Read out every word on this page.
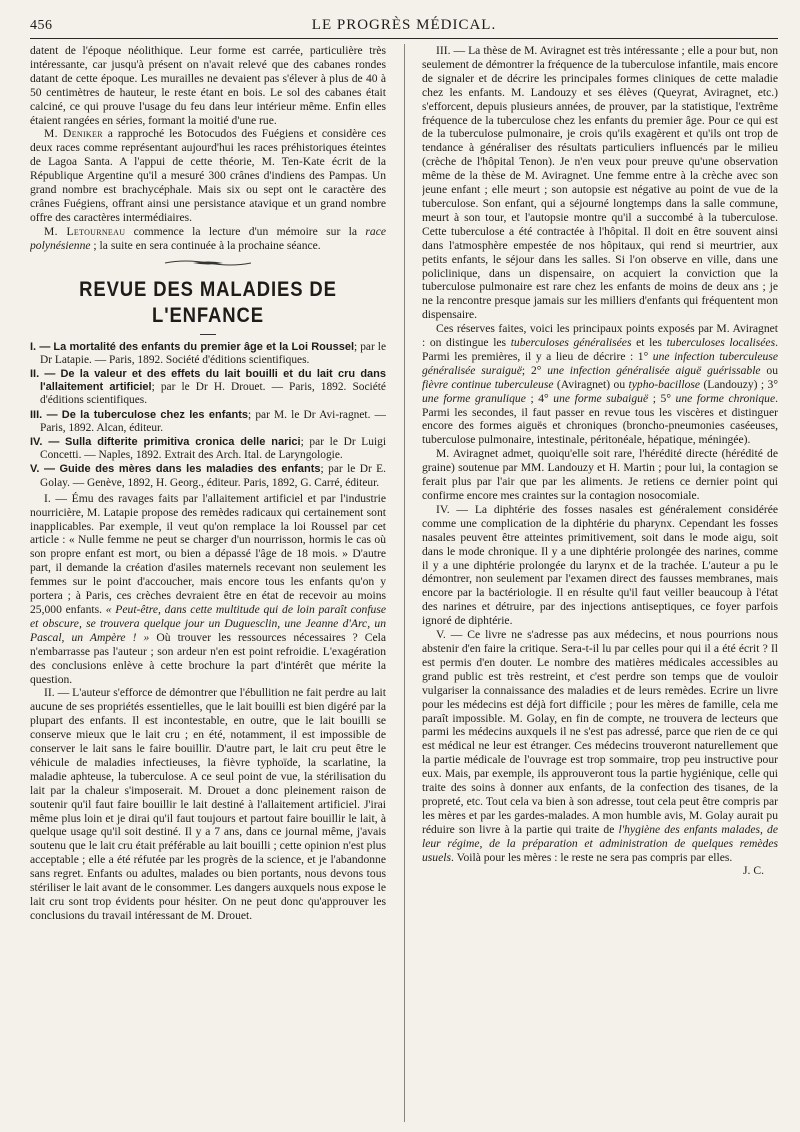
456	LE PROGRÈS MÉDICAL.

datent de l'époque néolithique. Leur forme est carrée, particulière très intéressante, car jusqu'à présent on n'avait relevé que des cabanes rondes datant de cette époque. Les murailles ne devaient pas s'élever à plus de 40 à 50 centimètres de hauteur, le reste étant en bois. Le sol des cabanes était calciné, ce qui prouve l'usage du feu dans leur intérieur même. Enfin elles étaient rangées en séries, formant la moitié d'une rue.

M. Deniker a rapproché les Botocudos des Fuégiens et considère ces deux races comme représentant aujourd'hui les races préhistoriques éteintes de Lagoa Santa. A l'appui de cette théorie, M. Ten-Kate écrit de la République Argentine qu'il a mesuré 300 crânes d'indiens des Pampas. Un grand nombre est brachycéphale. Mais six ou sept ont le caractère des crânes Fuégiens, offrant ainsi une persistance atavique et un grand nombre offre des caractères intermédiaires.

M. Letourneau commence la lecture d'un mémoire sur la race polynésienne ; la suite en sera continuée à la prochaine séance.

REVUE DES MALADIES DE L'ENFANCE

I. — La mortalité des enfants du premier âge et la Loi Roussel; par le Dr Latapie. — Paris, 1892. Société d'éditions scientifiques.

II. — De la valeur et des effets du lait bouilli et du lait cru dans l'allaitement artificiel; par le Dr H. Drouet. — Paris, 1892. Société d'éditions scientifiques.

III. — De la tuberculose chez les enfants; par M. le Dr Avi-ragnet. — Paris, 1892. Alcan, éditeur.

IV. — Sulla difterite primitiva cronica delle narici; par le Dr Luigi Concetti. — Naples, 1892. Extrait des Arch. Ital. de Laryngologie.

V. — Guide des mères dans les maladies des enfants; par le Dr E. Golay. — Genève, 1892, H. Georg., éditeur. Paris, 1892, G. Carré, éditeur.

I. — Ému des ravages faits par l'allaitement artificiel et par l'industrie nourricière, M. Latapie propose des remèdes radicaux qui certainement sont inapplicables. Par exemple, il veut qu'on remplace la loi Roussel par cet article : « Nulle femme ne peut se charger d'un nourrisson, hormis le cas où son propre enfant est mort, ou bien a dépassé l'âge de 18 mois. » D'autre part, il demande la création d'asiles maternels recevant non seulement les femmes sur le point d'accoucher, mais encore tous les enfants qu'on y portera ; à Paris, ces crèches devraient être en état de recevoir au moins 25,000 enfants. « Peut-être, dans cette multitude qui de loin paraît confuse et obscure, se trouvera quelque jour un Duguesclin, une Jeanne d'Arc, un Pascal, un Ampère ! » Où trouver les ressources nécessaires ? Cela n'embarrasse pas l'auteur ; son ardeur n'en est point refroidie. L'exagération des conclusions enlève à cette brochure la part d'intérêt que mérite la question.

II. — L'auteur s'efforce de démontrer que l'ébullition ne fait perdre au lait aucune de ses propriétés essentielles, que le lait bouilli est bien digéré par la plupart des enfants. Il est incontestable, en outre, que le lait bouilli se conserve mieux que le lait cru ; en été, notamment, il est impossible de conserver le lait sans le faire bouillir. D'autre part, le lait cru peut être le véhicule de maladies infectieuses, la fièvre typhoïde, la scarlatine, la maladie aphteuse, la tuberculose. A ce seul point de vue, la stérilisation du lait par la chaleur s'imposerait. M. Drouet a donc pleinement raison de soutenir qu'il faut faire bouillir le lait destiné à l'allaitement artificiel. J'irai même plus loin et je dirai qu'il faut toujours et partout faire bouillir le lait, à quelque usage qu'il soit destiné. Il y a 7 ans, dans ce journal même, j'avais soutenu que le lait cru était préférable au lait bouilli ; cette opinion n'est plus acceptable ; elle a été réfutée par les progrès de la science, et je l'abandonne sans regret. Enfants ou adultes, malades ou bien portants, nous devons tous stériliser le lait avant de le consommer. Les dangers auxquels nous expose le lait cru sont trop évidents pour hésiter. On ne peut donc qu'approuver les conclusions du travail intéressant de M. Drouet.

III. — La thèse de M. Avіragnet est très intéressante ; elle a pour but, non seulement de démontrer la fréquence de la tuberculose infantile, mais encore de signaler et de décrire les principales formes cliniques de cette maladie chez les enfants. M. Landouzy et ses élèves (Queyrat, Aviragnet, etc.) s'efforcent, depuis plusieurs années, de prouver, par la statistique, l'extrême fréquence de la tuberculose chez les enfants du premier âge. Pour ce qui est de la tuberculose pulmonaire, je crois qu'ils exagèrent et qu'ils ont trop de tendance à généraliser des résultats particuliers influencés par le milieu (crèche de l'hôpital Tenon). Je n'en veux pour preuve qu'une observation même de la thèse de M. Aviragnet. Une femme entre à la crèche avec son jeune enfant ; elle meurt ; son autopsie est négative au point de vue de la tuberculose. Son enfant, qui a séjourné longtemps dans la salle commune, meurt à son tour, et l'autopsie montre qu'il a succombé à la tuberculose. Cette tuberculose a été contractée à l'hôpital. Il doit en être souvent ainsi dans l'atmosphère empestée de nos hôpitaux, qui rend si meurtrier, aux petits enfants, le séjour dans les salles. Si l'on observe en ville, dans une policlinique, dans un dispensaire, on acquiert la conviction que la tuberculose pulmonaire est rare chez les enfants de moins de deux ans ; je ne la rencontre presque jamais sur les milliers d'enfants qui fréquentent mon dispensaire.

Ces réserves faites, voici les principaux points exposés par M. Aviragnet : on distingue les tuberculoses généralisées et les tuberculoses localisées. Parmi les premières, il y a lieu de décrire : 1° une infection tuberculeuse généralisée suraiguë; 2° une infection généralisée aiguë guérissable ou fièvre continue tuberculeuse (Aviragnet) ou typho-bacillose (Landouzy) ; 3° une forme granulique ; 4° une forme subaiguë ; 5° une forme chronique. Parmi les secondes, il faut passer en revue tous les viscères et distinguer encore des formes aiguës et chroniques (broncho-pneumonies caséeuses, tuberculose pulmonaire, intestinale, péritonéale, hépatique, méningée).

M. Aviragnet admet, quoiqu'elle soit rare, l'hérédité directe (hérédité de graine) soutenue par MM. Landouzy et H. Martin ; pour lui, la contagion se ferait plus par l'air que par les aliments. Je retiens ce dernier point qui confirme encore mes craintes sur la contagion nosocomiale.

IV. — La diphtérie des fosses nasales est généralement considérée comme une complication de la diphtérie du pharynx. Cependant les fosses nasales peuvent être atteintes primitivement, soit dans le mode aigu, soit dans le mode chronique. Il y a une diphtérie prolongée des narines, comme il y a une diphtérie prolongée du larynx et de la trachée. L'auteur a pu le démontrer, non seulement par l'examen direct des fausses membranes, mais encore par la bactériologie. Il en résulte qu'il faut veiller beaucoup à l'état des narines et détruire, par des injections antiseptiques, ce foyer parfois ignoré de diphtérie.

V. — Ce livre ne s'adresse pas aux médecins, et nous pourrions nous abstenir d'en faire la critique. Sera-t-il lu par celles pour qui il a été écrit ? Il est permis d'en douter. Le nombre des matières médicales accessibles au grand public est très restreint, et c'est perdre son temps que de vouloir vulgariser la connaissance des maladies et de leurs remèdes. Ecrire un livre pour les médecins est déjà fort difficile ; pour les mères de famille, cela me paraît impossible. M. Golay, en fin de compte, ne trouvera de lecteurs que parmi les médecins auxquels il ne s'est pas adressé, parce que rien de ce qui est médical ne leur est étranger. Ces médecins trouveront naturellement que la partie médicale de l'ouvrage est trop sommaire, trop peu instructive pour eux. Mais, par exemple, ils approuveront tous la partie hygiénique, celle qui traite des soins à donner aux enfants, de la confection des tisanes, de la propreté, etc. Tout cela va bien à son adresse, tout cela peut être compris par les mères et par les gardes-malades. A mon humble avis, M. Golay aurait pu réduire son livre à la partie qui traite de l'hygiène des enfants malades, de leur régime, de la préparation et administration de quelques remèdes usuels. Voilà pour les mères : le reste ne sera pas compris par elles.

J. C.
